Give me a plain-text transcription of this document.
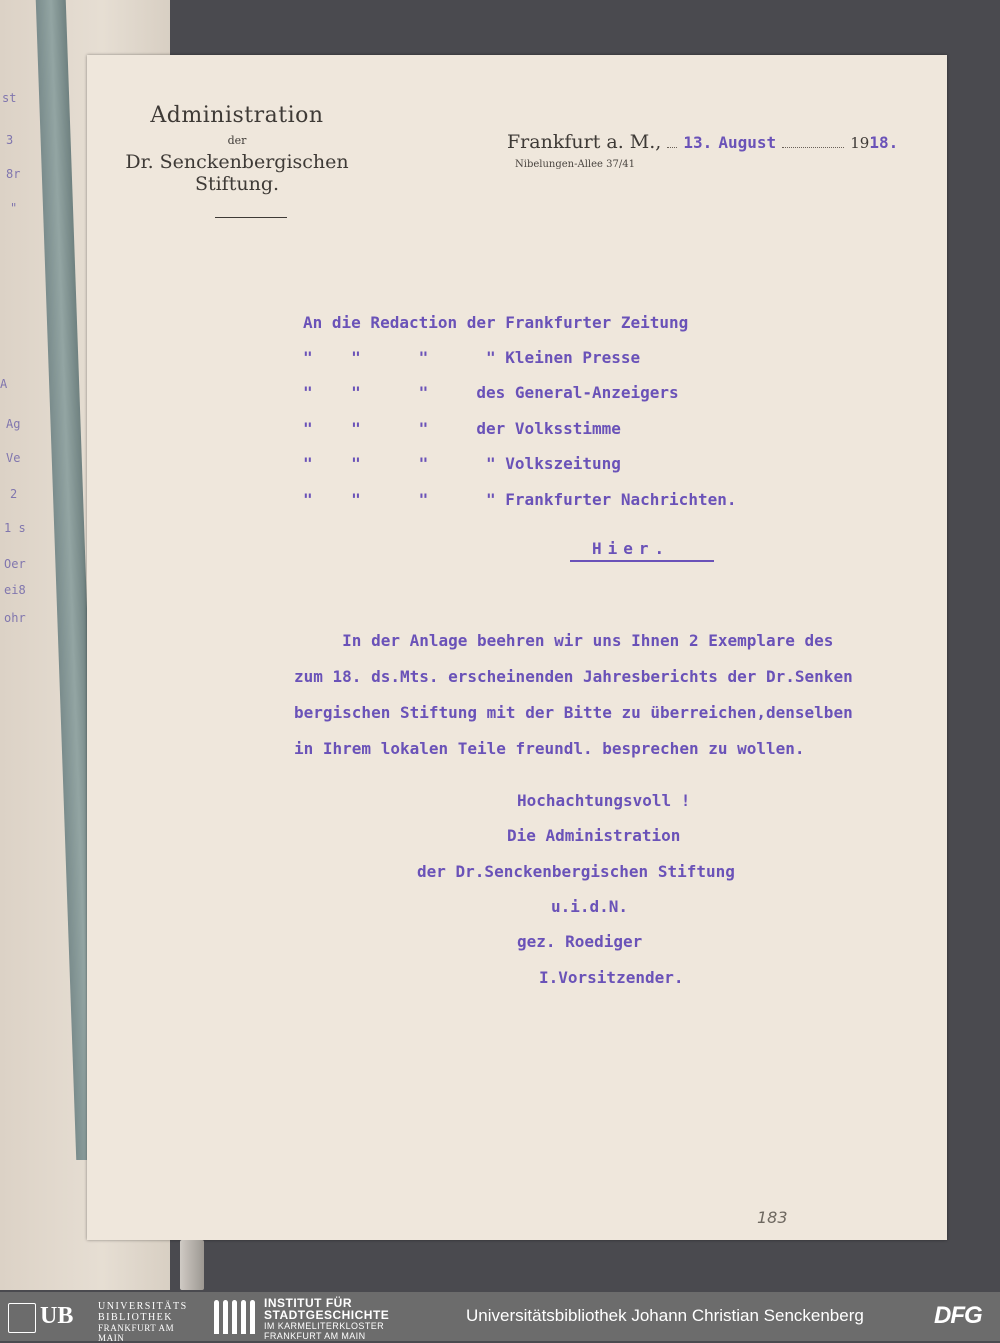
st
3
8r
"
A
Ag
Ve
2
1 s
Oer
ei8
ohr
Administration
der
Dr. Senckenbergischen Stiftung.
Frankfurt a. M., 13. August	1918.
Nibelungen-Allee 37/41
An die Redaction der Frankfurter Zeitung
"    "      "      " Kleinen Presse
"    "      "     des General-Anzeigers
"    "      "     der Volksstimme
"    "      "      " Volkszeitung
"    "      "      " Frankfurter Nachrichten.
Hier.
In der Anlage beehren wir uns Ihnen 2 Exemplare des
zum 18. ds.Mts. erscheinenden Jahresberichts der Dr.Senken
bergischen Stiftung mit der Bitte zu überreichen,denselben
in Ihrem lokalen Teile freundl. besprechen zu wollen.
Hochachtungsvoll !
Die Administration
der Dr.Senckenbergischen Stiftung
u.i.d.N.
gez. Roediger
I.Vorsitzender.
183
UB UNIVERSITÄTS
BIBLIOTHEK
FRANKFURT AM MAIN
INSTITUT FÜR
STADTGESCHICHTE
IM KARMELITERKLOSTER
FRANKFURT AM MAIN
Universitätsbibliothek Johann Christian Senckenberg	DFG
